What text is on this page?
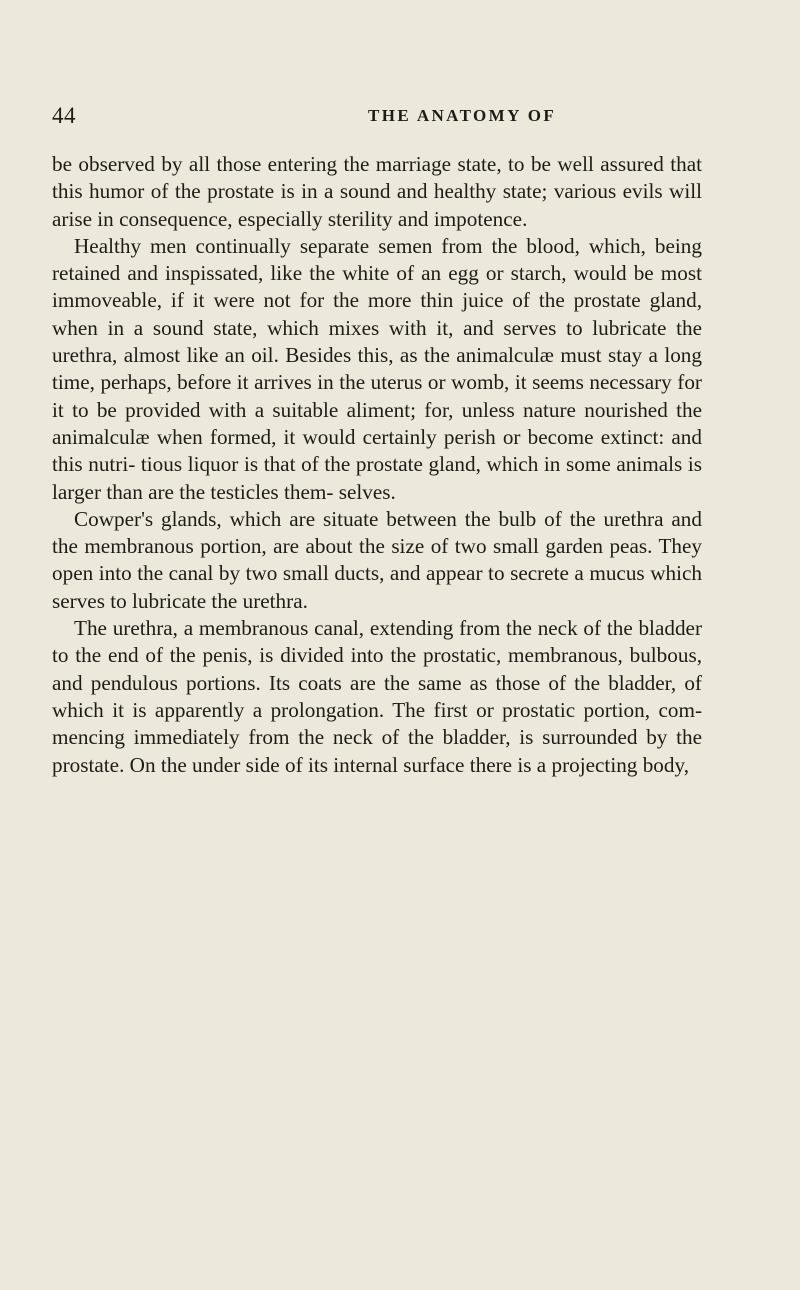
44	THE ANATOMY OF

be observed by all those entering the marriage state, to be well assured that this humor of the prostate is in a sound and healthy state; various evils will arise in consequence, especially sterility and impotence.

Healthy men continually separate semen from the blood, which, being retained and inspissated, like the white of an egg or starch, would be most immoveable, if it were not for the more thin juice of the prostate gland, when in a sound state, which mixes with it, and serves to lubricate the urethra, almost like an oil. Besides this, as the animalculæ must stay a long time, perhaps, before it arrives in the uterus or womb, it seems necessary for it to be provided with a suitable aliment; for, unless nature nourished the animalculæ when formed, it would certainly perish or become extinct: and this nutri- tious liquor is that of the prostate gland, which in some animals is larger than are the testicles them- selves.

Cowper's glands, which are situate between the bulb of the urethra and the membranous portion, are about the size of two small garden peas. They open into the canal by two small ducts, and appear to secrete a mucus which serves to lubricate the urethra.

The urethra, a membranous canal, extending from the neck of the bladder to the end of the penis, is divided into the prostatic, membranous, bulbous, and pendulous portions. Its coats are the same as those of the bladder, of which it is apparently a prolongation. The first or prostatic portion, com- mencing immediately from the neck of the bladder, is surrounded by the prostate. On the under side of its internal surface there is a projecting body,
